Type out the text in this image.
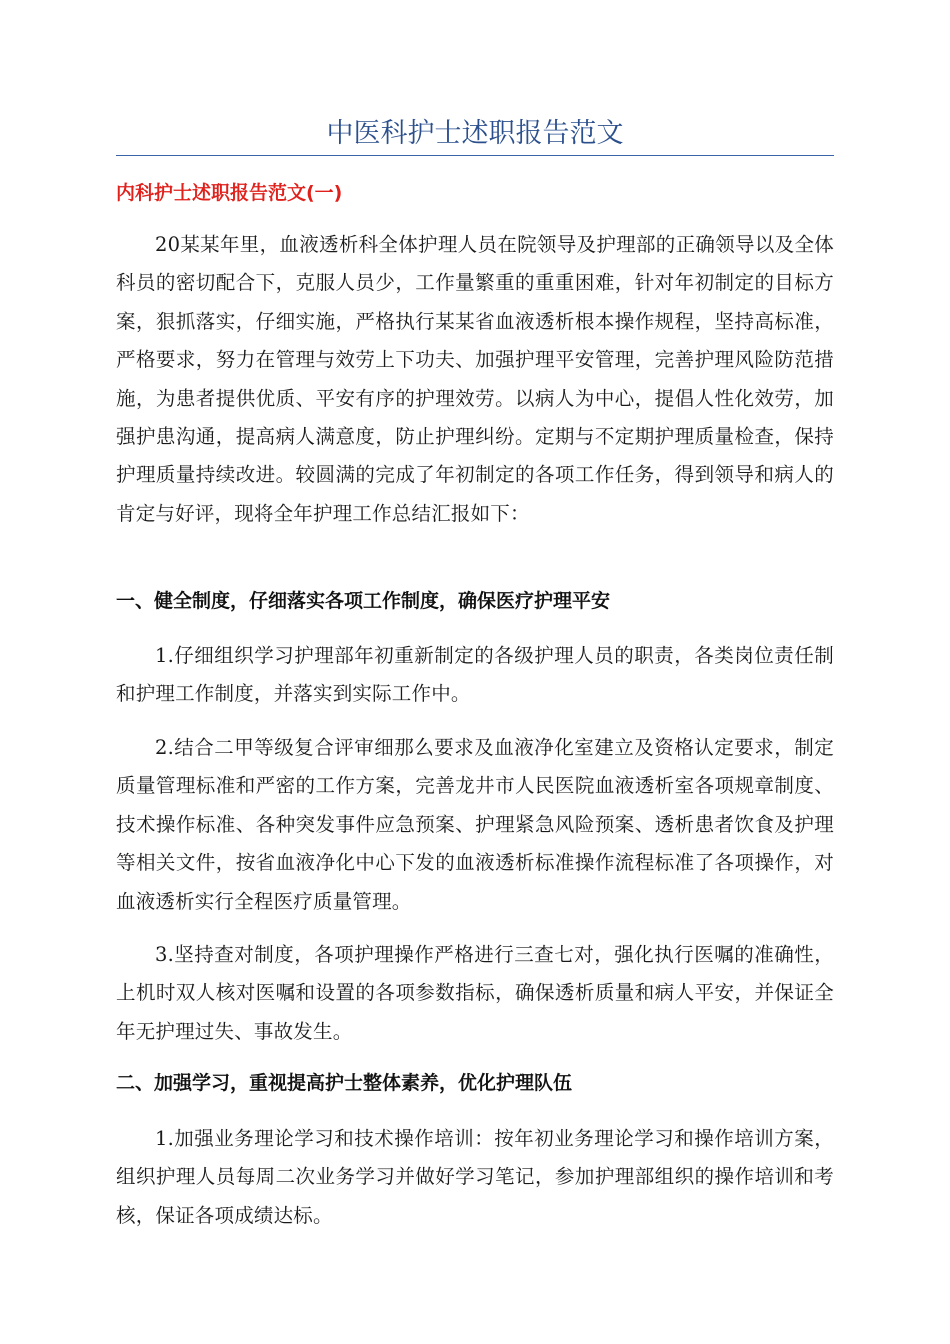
中医科护士述职报告范文
内科护士述职报告范文(一)

20某某年里，血液透析科全体护理人员在院领导及护理部的正确领导以及全体科员的密切配合下，克服人员少，工作量繁重的重重困难，针对年初制定的目标方案，狠抓落实，仔细实施，严格执行某某省血液透析根本操作规程，坚持高标准，严格要求，努力在管理与效劳上下功夫、加强护理平安管理，完善护理风险防范措施，为患者提供优质、平安有序的护理效劳。以病人为中心，提倡人性化效劳，加强护患沟通，提高病人满意度，防止护理纠纷。定期与不定期护理质量检查，保持护理质量持续改进。较圆满的完成了年初制定的各项工作任务，得到领导和病人的肯定与好评，现将全年护理工作总结汇报如下：

一、健全制度，仔细落实各项工作制度，确保医疗护理平安

1.仔细组织学习护理部年初重新制定的各级护理人员的职责，各类岗位责任制和护理工作制度，并落实到实际工作中。

2.结合二甲等级复合评审细那么要求及血液净化室建立及资格认定要求，制定质量管理标准和严密的工作方案，完善龙井市人民医院血液透析室各项规章制度、技术操作标准、各种突发事件应急预案、护理紧急风险预案、透析患者饮食及护理等相关文件，按省血液净化中心下发的血液透析标准操作流程标准了各项操作，对血液透析实行全程医疗质量管理。

3.坚持查对制度，各项护理操作严格进行三查七对，强化执行医嘱的准确性，上机时双人核对医嘱和设置的各项参数指标，确保透析质量和病人平安，并保证全年无护理过失、事故发生。

二、加强学习，重视提高护士整体素养，优化护理队伍

1.加强业务理论学习和技术操作培训：按年初业务理论学习和操作培训方案，组织护理人员每周二次业务学习并做好学习笔记，参加护理部组织的操作培训和考核，保证各项成绩达标。
